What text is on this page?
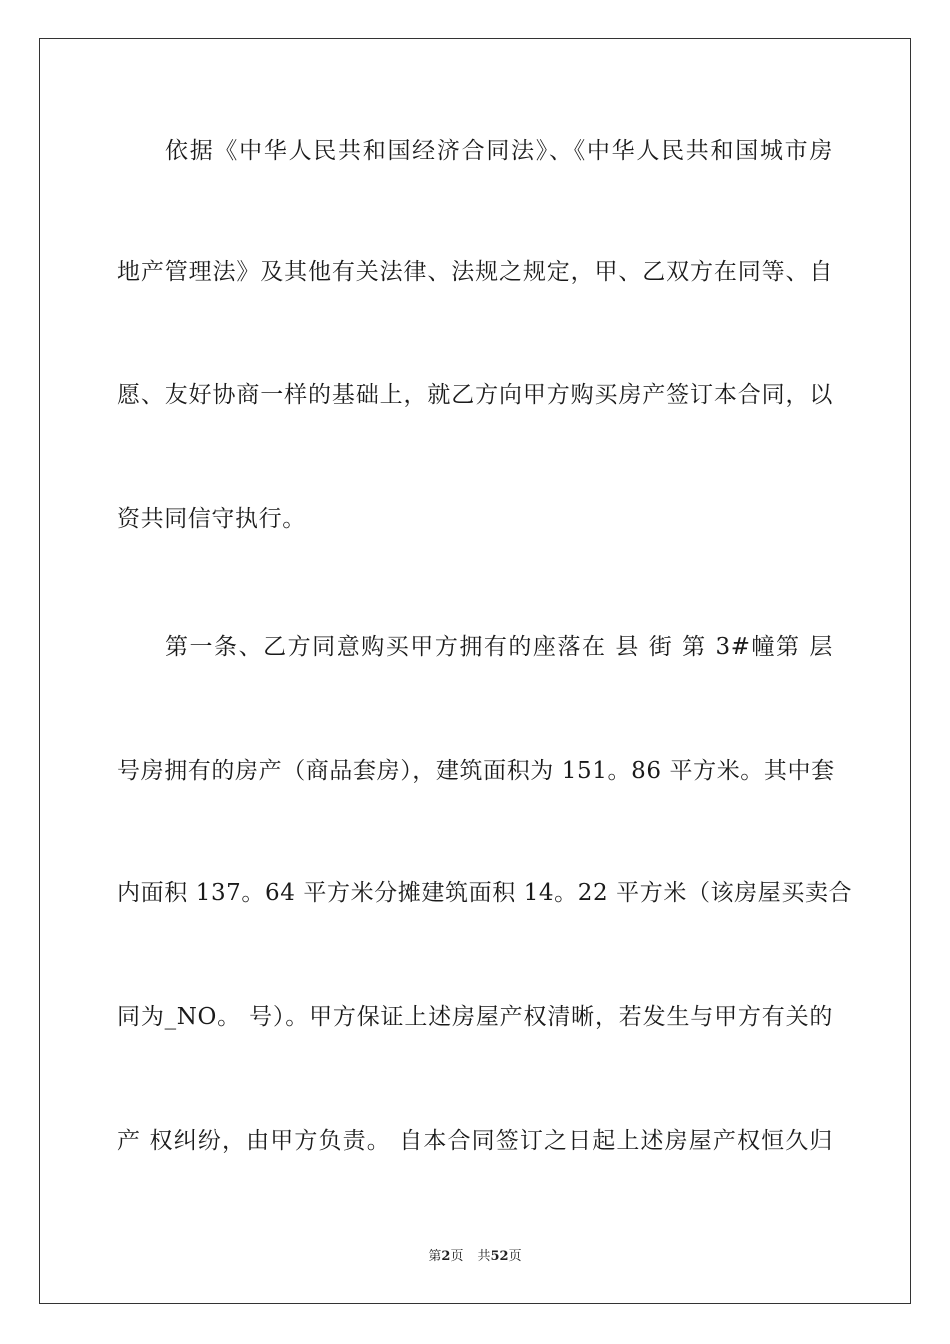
依据《中华人民共和国经济合同法》、《中华人民共和国城市房
地产管理法》及其他有关法律、法规之规定，甲、乙双方在同等、自
愿、友好协商一样的基础上，就乙方向甲方购买房产签订本合同，以
资共同信守执行。
第一条、乙方同意购买甲方拥有的座落在 县 街 第 3#幢第 层
号房拥有的房产（商品套房），建筑面积为 151。86 平方米。其中套
内面积 137。64 平方米分摊建筑面积 14。22 平方米（该房屋买卖合
同为_NO。 号）。甲方保证上述房屋产权清晰，若发生与甲方有关的
产 权纠纷，由甲方负责。 自本合同签订之日起上述房屋产权恒久归
第2页 共52页
